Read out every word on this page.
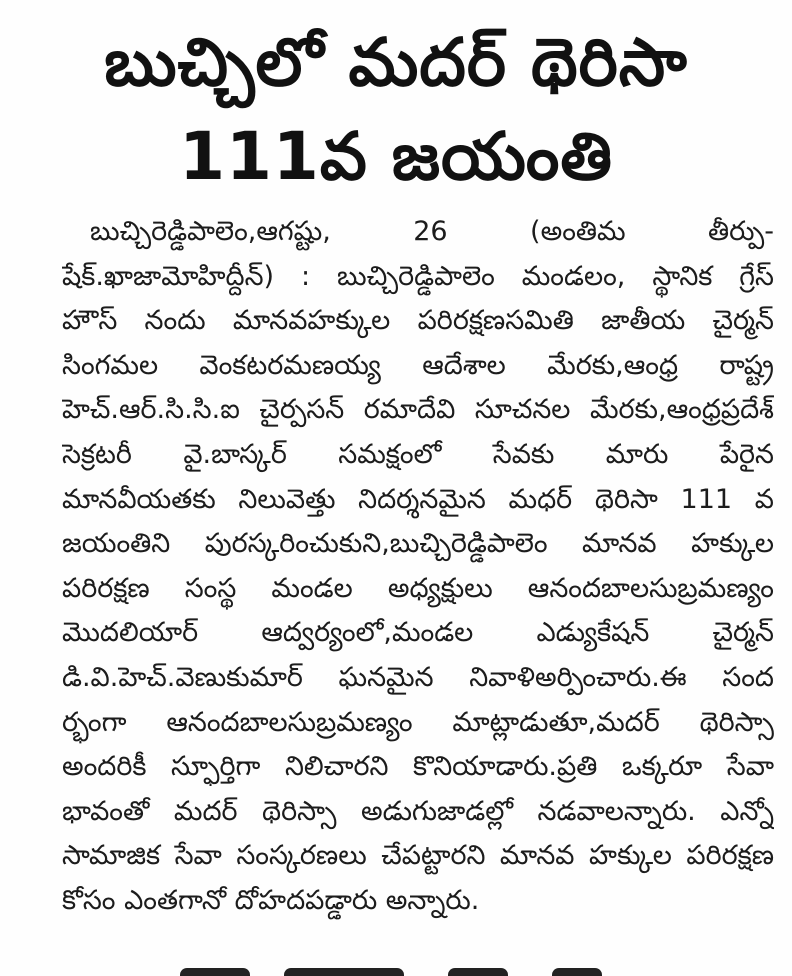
బుచ్చిలో మదర్ థెరిసా
111వ జయంతి
బుచ్చిరెడ్డిపాలెం,ఆగష్టు, 26 (అంతిమ తీర్పు-
షేక్.ఖాజామోహిద్దీన్) : బుచ్చిరెడ్డిపాలెం మండలం, స్థానిక గ్రేస్
హౌస్ నందు మానవహక్కుల పరిరక్షణసమితి జాతీయ చైర్మన్
సింగమల వెంకటరమణయ్య ఆదేశాల మేరకు,ఆంధ్ర రాష్ట్ర
హెచ్.ఆర్.సి.సి.ఐ చైర్పసన్ రమాదేవి సూచనల మేరకు,ఆంధ్రప్రదేశ్
సెక్రటరీ వై.బాస్కర్ సమక్షంలో సేవకు మారు పేరైన
మానవీయతకు నిలువెత్తు నిదర్శనమైన మధర్ థెరిసా 111 వ
జయంతిని పురస్కరించుకుని,బుచ్చిరెడ్డిపాలెం మానవ హక్కుల
పరిరక్షణ సంస్థ మండల అధ్యక్షులు ఆనందబాలసుబ్రమణ్యం
మొదలియార్ ఆద్వర్యంలో,మండల ఎడ్యుకేషన్ చైర్మన్
డి.వి.హెచ్.వెణుకుమార్ ఘనమైన నివాళిఅర్పించారు.ఈ సంద
ర్భంగా ఆనందబాలసుబ్రమణ్యం మాట్లాడుతూ,మదర్ థెరిస్సా
అందరికీ స్ఫూర్తిగా నిలిచారని కొనియాడారు.ప్రతి ఒక్కరూ సేవా
భావంతో మదర్ థెరిస్సా అడుగుజాడల్లో నడవాలన్నారు. ఎన్నో
సామాజిక సేవా సంస్కరణలు చేపట్టారని మానవ హక్కుల పరిరక్షణ
కోసం ఎంతగానో దోహదపడ్డారు అన్నారు.
